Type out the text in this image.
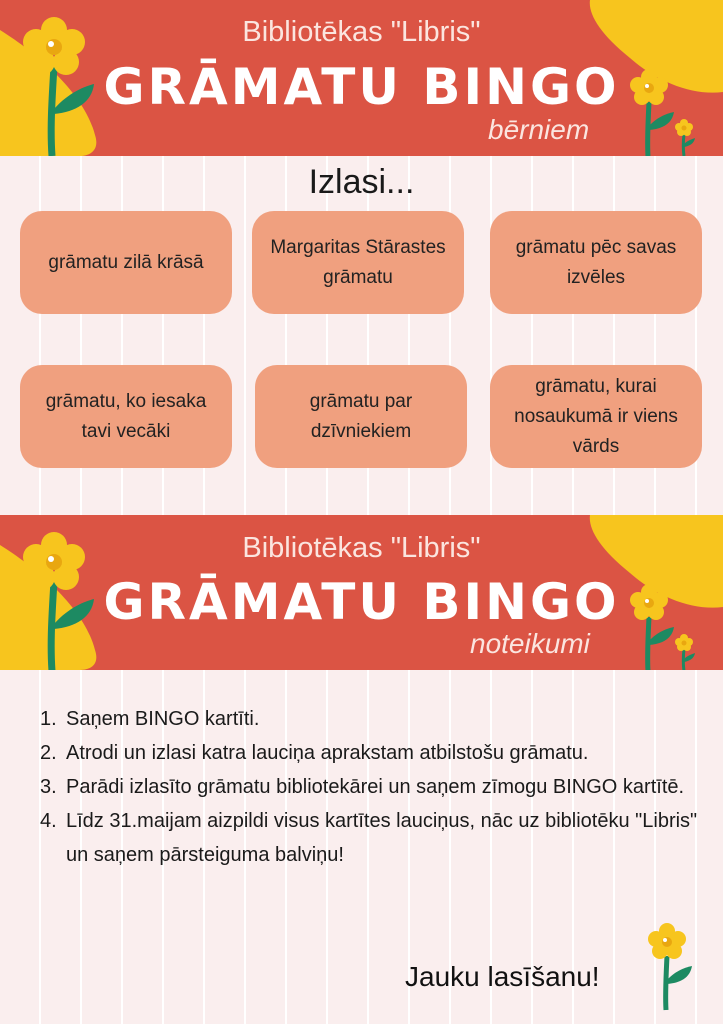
Bibliotēkas "Libris"
GRĀMATU BINGO
bērniem
Izlasi...
grāmatu zilā krāsā
Margaritas Stārastes grāmatu
grāmatu pēc savas izvēles
grāmatu, ko iesaka tavi vecāki
grāmatu par dzīvniekiem
grāmatu, kurai nosaukumā ir viens vārds
Bibliotēkas "Libris"
GRĀMATU BINGO
noteikumi
1. Saņem BINGO kartīti.
2. Atrodi un izlasi katra lauciņa aprakstam atbilstošu grāmatu.
3. Parādi izlasīto grāmatu bibliotekārei un saņem zīmogu BINGO kartītē.
4. Līdz 31.maijam aizpildi visus kartītes lauciņus, nāc uz bibliotēku "Libris" un saņem pārsteiguma balviņu!
Jauku lasīšanu!
